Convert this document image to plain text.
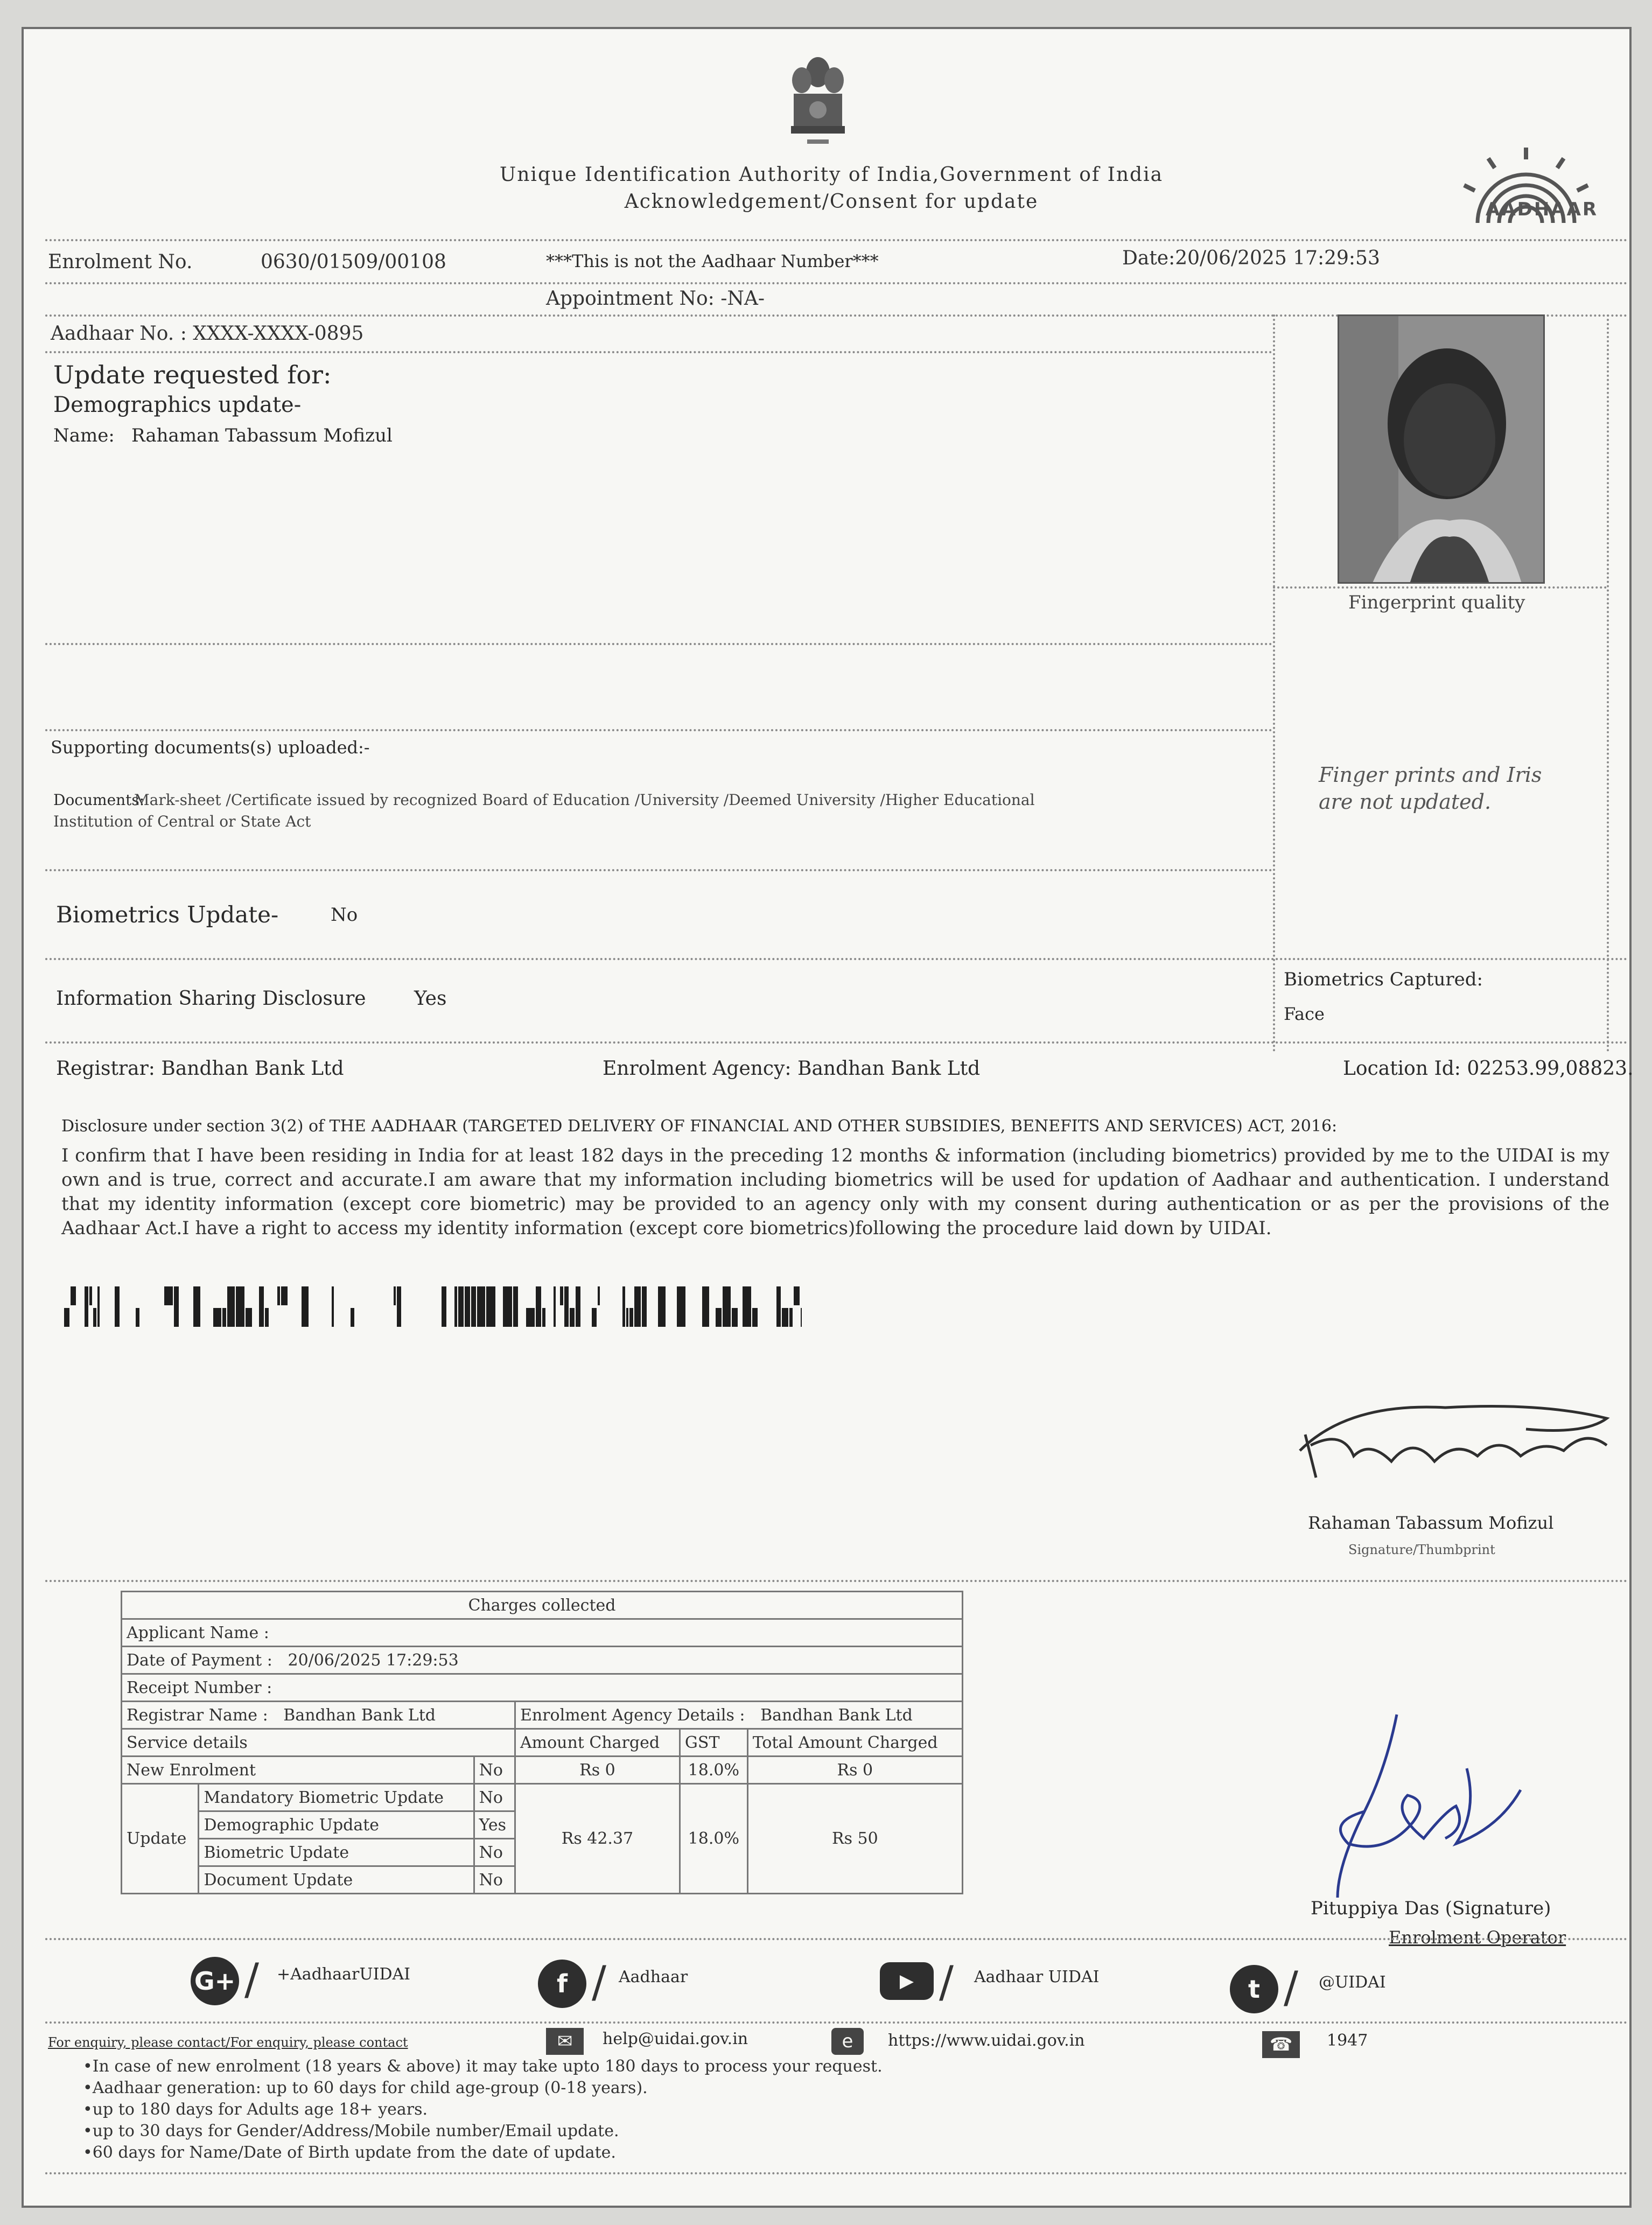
AADHAAR
Unique Identification Authority of India,Government of India
Acknowledgement/Consent for update
Enrolment No.	0630/01509/00108	***This is not the Aadhaar Number***	Date:20/06/2025 17:29:53
Appointment No: -NA-
Aadhaar No. : XXXX-XXXX-0895
Update requested for:
Demographics update-
Name: Rahaman Tabassum Mofizul
Fingerprint quality
Supporting documents(s) uploaded:-
Documents:
Mark-sheet /Certificate issued by recognized Board of Education /University /Deemed University /Higher Educational
Institution of Central or State Act
Finger prints and Iris
are not updated.
Biometrics Update-	No
Information Sharing Disclosure Yes
Biometrics Captured:
Face
Registrar: Bandhan Bank Ltd	Enrolment Agency: Bandhan Bank Ltd	Location Id: 02253.99,08823.
Disclosure under section 3(2) of THE AADHAAR (TARGETED DELIVERY OF FINANCIAL AND OTHER SUBSIDIES, BENEFITS AND SERVICES) ACT, 2016:
I confirm that I have been residing in India for at least 182 days in the preceding 12 months & information (including biometrics) provided by me to the UIDAI is my own and is true, correct and accurate.I am aware that my information including biometrics will be used for updation of Aadhaar and authentication. I understand that my identity information (except core biometric) may be provided to an agency only with my consent during authentication or as per the provisions of the Aadhaar Act.I have a right to access my identity information (except core biometrics)following the procedure laid down by UIDAI.
Rahaman Tabassum Mofizul
Signature/Thumbprint
Charges collected					
Applicant Name :					
Date of Payment : 20/06/2025 17:29:53					
Receipt Number :					
Registrar Name : Bandhan Bank Ltd			Enrolment Agency Details : Bandhan Bank Ltd		
Service details			Amount Charged	GST	Total Amount Charged
New Enrolment		No	Rs 0	18.0%	Rs 0
Update	Mandatory Biometric Update	No	Rs 42.37	18.0%	Rs 50
	Demographic Update	Yes			
	Biometric Update	No			
	Document Update	No			
Pituppiya Das (Signature)
Enrolment Operator
G+ / +AadhaarUIDAI	f / Aadhaar	▶ / Aadhaar UIDAI	t / @UIDAI
For enquiry, please contact/For enquiry, please contact	✉	help@uidai.gov.in	e	https://www.uidai.gov.in	☎	1947
•In case of new enrolment (18 years & above) it may take upto 180 days to process your request.
•Aadhaar generation: up to 60 days for child age-group (0-18 years).
•up to 180 days for Adults age 18+ years.
•up to 30 days for Gender/Address/Mobile number/Email update.
•60 days for Name/Date of Birth update from the date of update.
